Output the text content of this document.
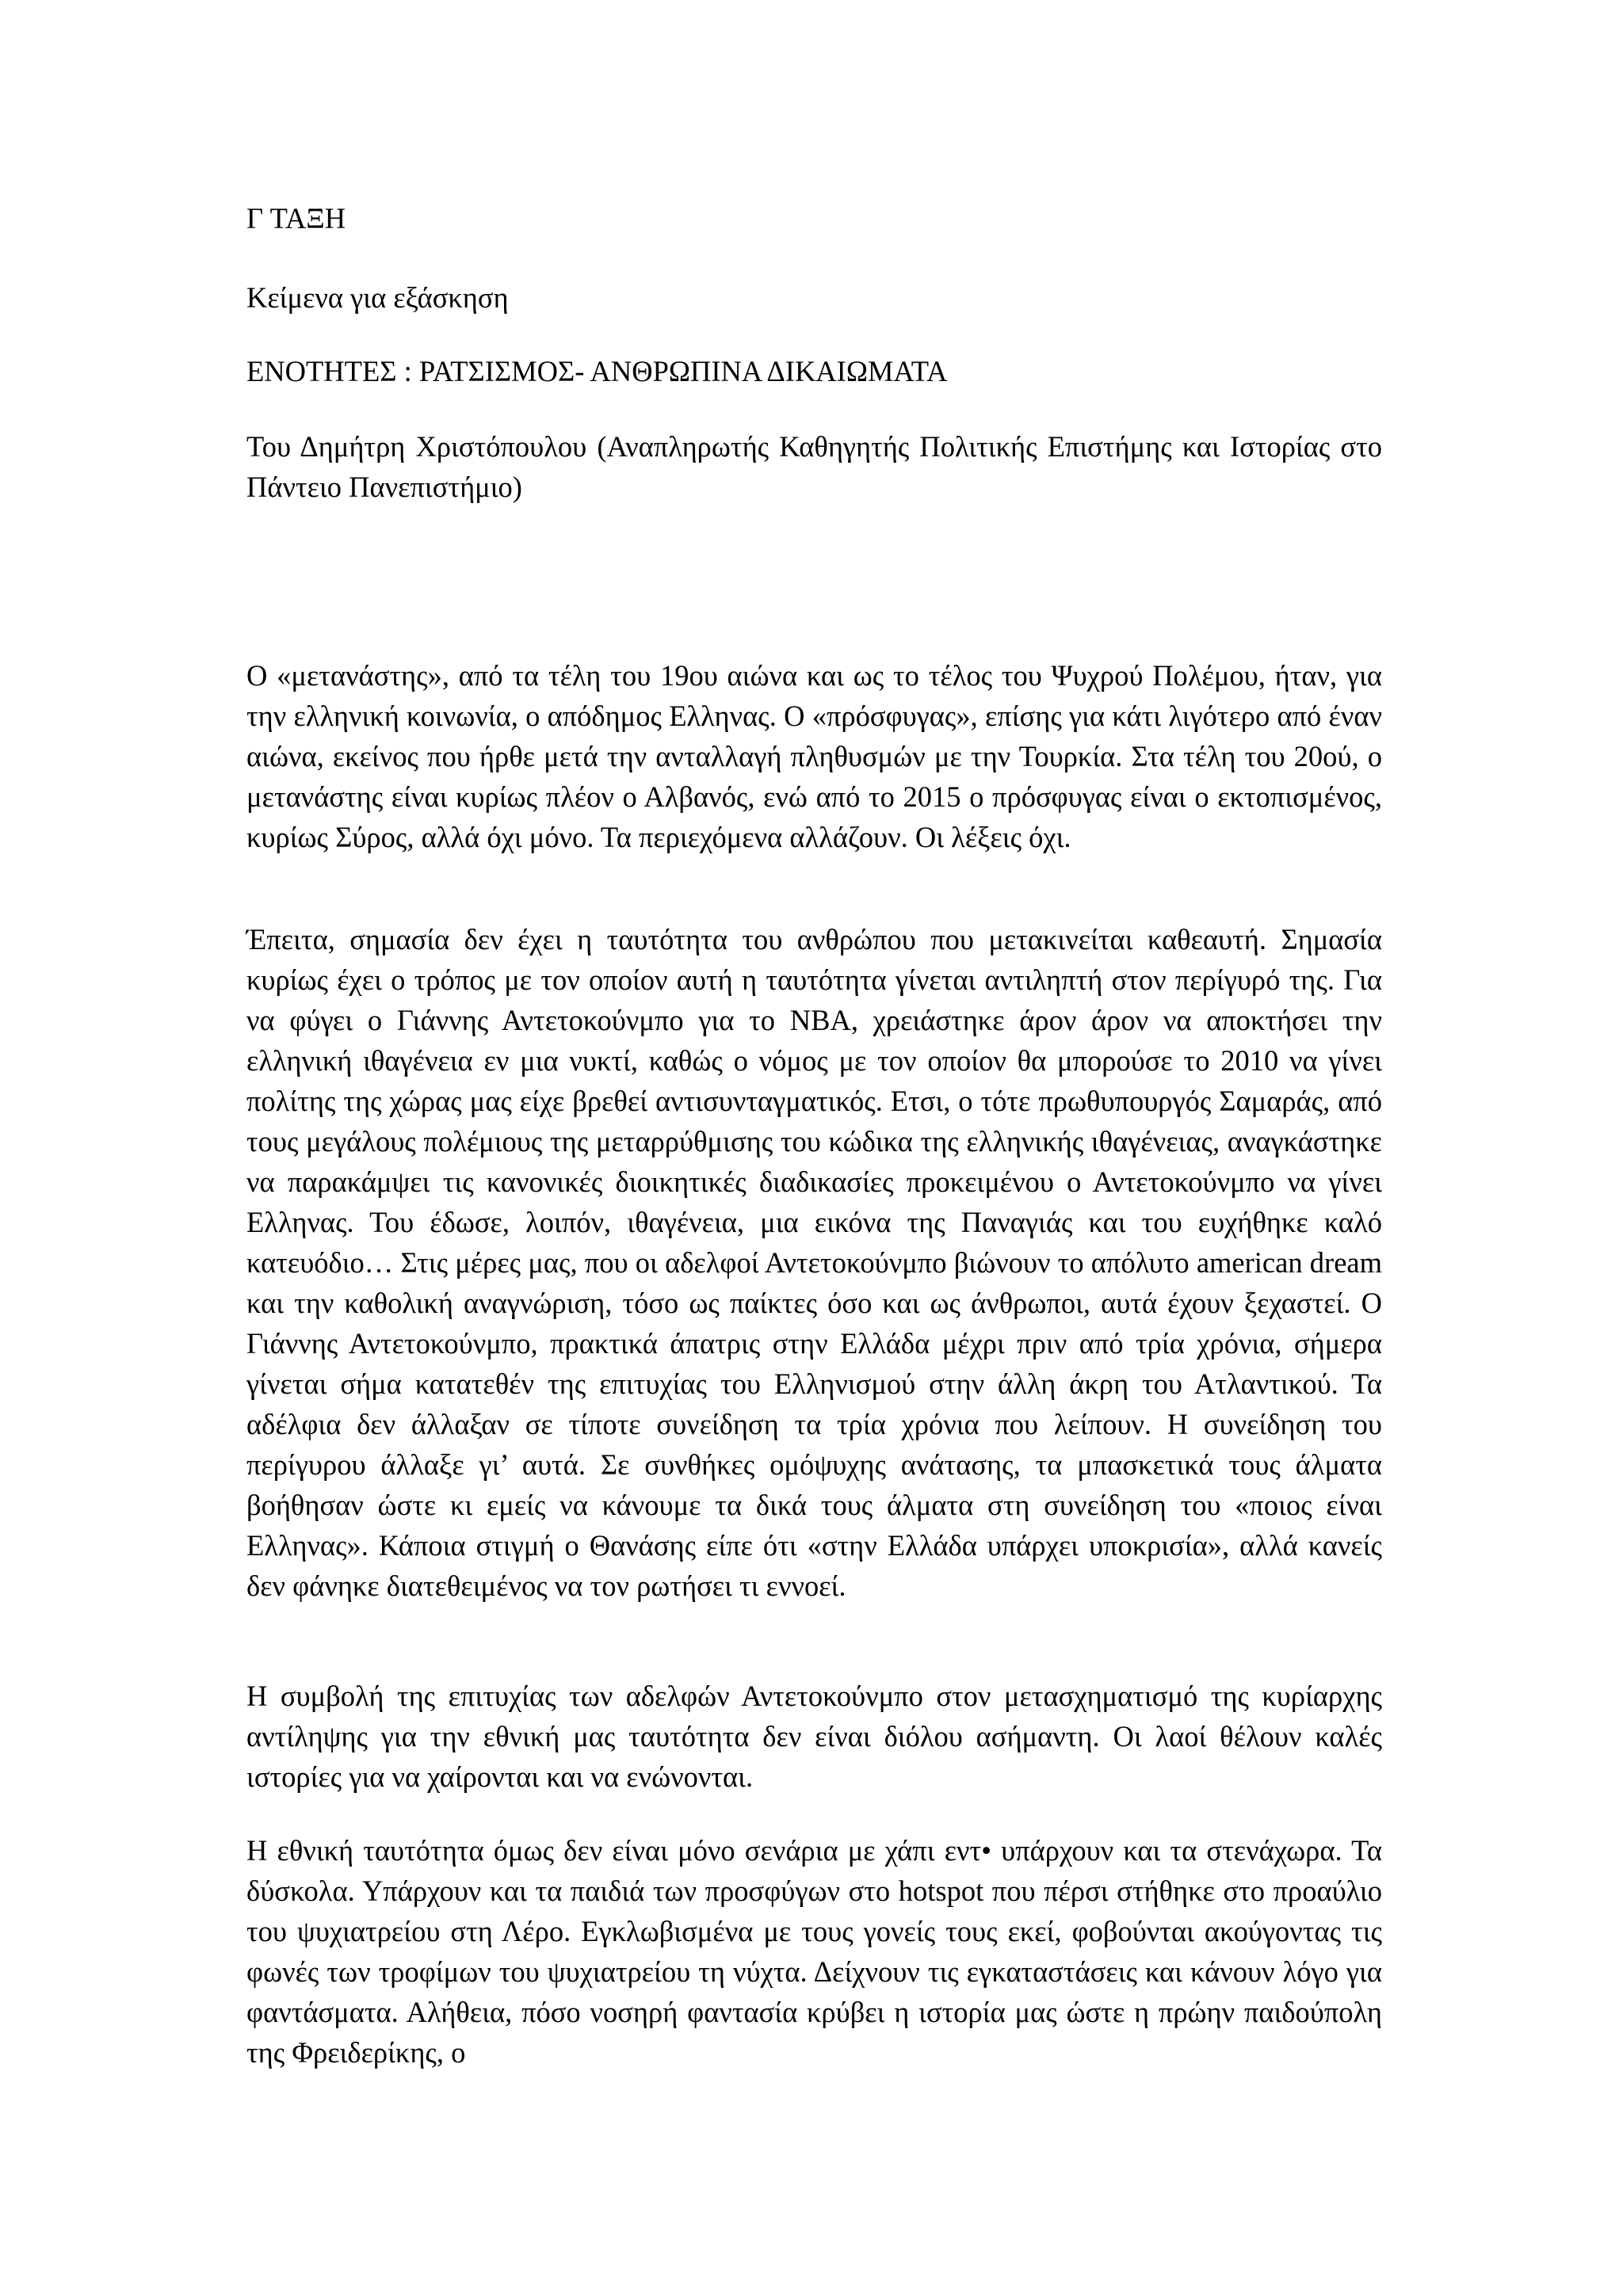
Γ ΤΑΞΗ

Κείμενα για εξάσκηση

ΕΝΟΤΗΤΕΣ : ΡΑΤΣΙΣΜΟΣ- ΑΝΘΡΩΠΙΝΑ ΔΙΚΑΙΩΜΑΤΑ

Του Δημήτρη Χριστόπουλου (Αναπληρωτής Καθηγητής Πολιτικής Επιστήμης και Ιστορίας στο Πάντειο Πανεπιστήμιο)

Ο «μετανάστης», από τα τέλη του 19ου αιώνα και ως το τέλος του Ψυχρού Πολέμου, ήταν, για την ελληνική κοινωνία, ο απόδημος Ελληνας. Ο «πρόσφυγας», επίσης για κάτι λιγότερο από έναν αιώνα, εκείνος που ήρθε μετά την ανταλλαγή πληθυσμών με την Τουρκία. Στα τέλη του 20ού, ο μετανάστης είναι κυρίως πλέον ο Αλβανός, ενώ από το 2015 ο πρόσφυγας είναι ο εκτοπισμένος, κυρίως Σύρος, αλλά όχι μόνο. Τα περιεχόμενα αλλάζουν. Οι λέξεις όχι.

Έπειτα, σημασία δεν έχει η ταυτότητα του ανθρώπου που μετακινείται καθεαυτή. Σημασία κυρίως έχει ο τρόπος με τον οποίον αυτή η ταυτότητα γίνεται αντιληπτή στον περίγυρό της. Για να φύγει ο Γιάννης Αντετοκούνμπο για το NBA, χρειάστηκε άρον άρον να αποκτήσει την ελληνική ιθαγένεια εν μια νυκτί, καθώς ο νόμος με τον οποίον θα μπορούσε το 2010 να γίνει πολίτης της χώρας μας είχε βρεθεί αντισυνταγματικός. Ετσι, ο τότε πρωθυπουργός Σαμαράς, από τους μεγάλους πολέμιους της μεταρρύθμισης του κώδικα της ελληνικής ιθαγένειας, αναγκάστηκε να παρακάμψει τις κανονικές διοικητικές διαδικασίες προκειμένου ο Αντετοκούνμπο να γίνει Ελληνας. Του έδωσε, λοιπόν, ιθαγένεια, μια εικόνα της Παναγιάς και του ευχήθηκε καλό κατευόδιο… Στις μέρες μας, που οι αδελφοί Αντετοκούνμπο βιώνουν το απόλυτο american dream και την καθολική αναγνώριση, τόσο ως παίκτες όσο και ως άνθρωποι, αυτά έχουν ξεχαστεί. Ο Γιάννης Αντετοκούνμπο, πρακτικά άπατρις στην Ελλάδα μέχρι πριν από τρία χρόνια, σήμερα γίνεται σήμα κατατεθέν της επιτυχίας του Ελληνισμού στην άλλη άκρη του Ατλαντικού. Τα αδέλφια δεν άλλαξαν σε τίποτε συνείδηση τα τρία χρόνια που λείπουν. Η συνείδηση του περίγυρου άλλαξε γι’ αυτά. Σε συνθήκες ομόψυχης ανάτασης, τα μπασκετικά τους άλματα βοήθησαν ώστε κι εμείς να κάνουμε τα δικά τους άλματα στη συνείδηση του «ποιος είναι Ελληνας». Κάποια στιγμή ο Θανάσης είπε ότι «στην Ελλάδα υπάρχει υποκρισία», αλλά κανείς δεν φάνηκε διατεθειμένος να τον ρωτήσει τι εννοεί.

Η συμβολή της επιτυχίας των αδελφών Αντετοκούνμπο στον μετασχηματισμό της κυρίαρχης αντίληψης για την εθνική μας ταυτότητα δεν είναι διόλου ασήμαντη. Οι λαοί θέλουν καλές ιστορίες για να χαίρονται και να ενώνονται.

Η εθνική ταυτότητα όμως δεν είναι μόνο σενάρια με χάπι εντ• υπάρχουν και τα στενάχωρα. Τα δύσκολα. Υπάρχουν και τα παιδιά των προσφύγων στο hotspot που πέρσι στήθηκε στο προαύλιο του ψυχιατρείου στη Λέρο. Εγκλωβισμένα με τους γονείς τους εκεί, φοβούνται ακούγοντας τις φωνές των τροφίμων του ψυχιατρείου τη νύχτα. Δείχνουν τις εγκαταστάσεις και κάνουν λόγο για φαντάσματα. Αλήθεια, πόσο νοσηρή φαντασία κρύβει η ιστορία μας ώστε η πρώην παιδούπολη της Φρειδερίκης, ο
